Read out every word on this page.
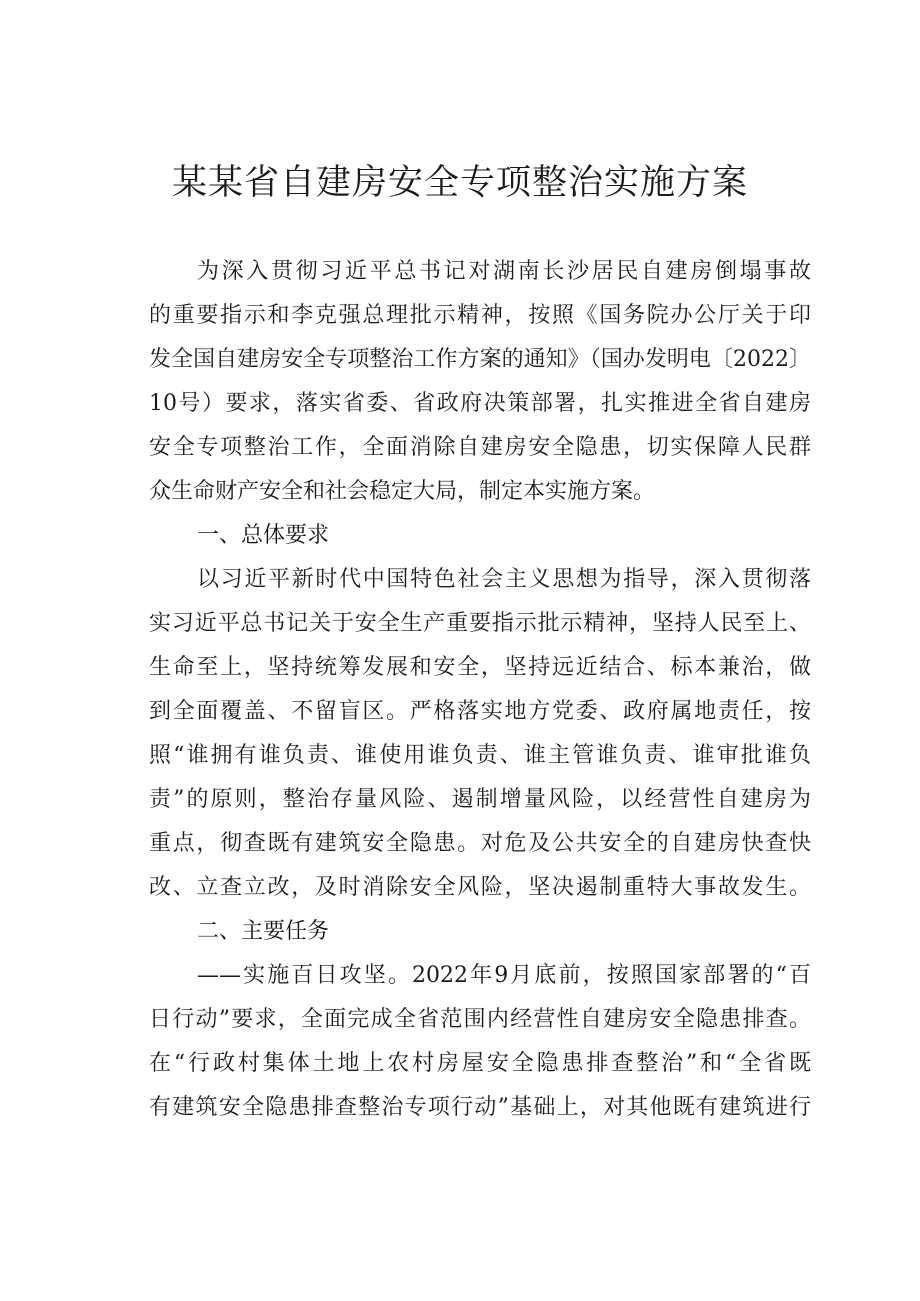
某某省自建房安全专项整治实施方案
为深入贯彻习近平总书记对湖南长沙居民自建房倒塌事故
的重要指示和李克强总理批示精神，按照《国务院办公厅关于印
发全国自建房安全专项整治工作方案的通知》（国办发明电〔2022〕
10号）要求，落实省委、省政府决策部署，扎实推进全省自建房
安全专项整治工作，全面消除自建房安全隐患，切实保障人民群
众生命财产安全和社会稳定大局，制定本实施方案。
一、总体要求
以习近平新时代中国特色社会主义思想为指导，深入贯彻落
实习近平总书记关于安全生产重要指示批示精神，坚持人民至上、
生命至上，坚持统筹发展和安全，坚持远近结合、标本兼治，做
到全面覆盖、不留盲区。严格落实地方党委、政府属地责任，按
照“谁拥有谁负责、谁使用谁负责、谁主管谁负责、谁审批谁负
责”的原则，整治存量风险、遏制增量风险，以经营性自建房为
重点，彻查既有建筑安全隐患。对危及公共安全的自建房快查快
改、立查立改，及时消除安全风险，坚决遏制重特大事故发生。
二、主要任务
——实施百日攻坚。2022年9月底前，按照国家部署的“百
日行动”要求，全面完成全省范围内经营性自建房安全隐患排查。
在“行政村集体土地上农村房屋安全隐患排查整治”和“全省既
有建筑安全隐患排查整治专项行动”基础上，对其他既有建筑进行
